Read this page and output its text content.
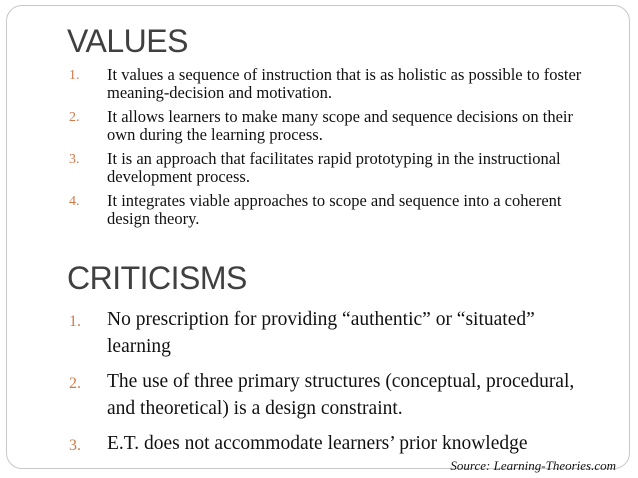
VALUES
1. It values a sequence of instruction that is as holistic as possible to foster meaning-decision and motivation.
2. It allows learners to make many scope and sequence decisions on their own during the learning process.
3. It is an approach that facilitates rapid prototyping in the instructional development process.
4. It integrates viable approaches to scope and sequence into a coherent design theory.
CRITICISMS
1. No prescription for providing “authentic” or “situated” learning
2. The use of three primary structures (conceptual, procedural, and theoretical) is a design constraint.
3. E.T. does not accommodate learners’ prior knowledge
Source: Learning-Theories.com
